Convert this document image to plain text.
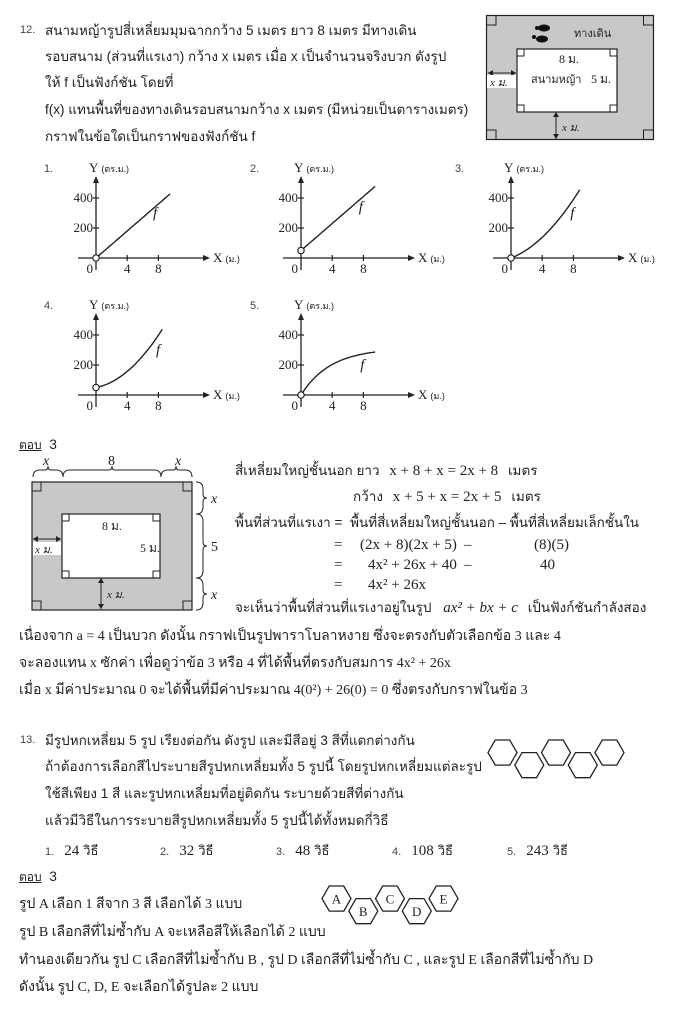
12. สนามหญ้ารูปสี่เหลี่ยมมุมฉากกว้าง 5 เมตร ยาว 8 เมตร มีทางเดิน
รอบสนาม (ส่วนที่แรเงา) กว้าง x เมตร เมื่อ x เป็นจำนวนจริงบวก ดังรูป
ให้ f เป็นฟังก์ชัน โดยที่
f(x) แทนพื้นที่ของทางเดินรอบสนามกว้าง x เมตร (มีหน่วยเป็นตารางเมตร)
กราฟในข้อใดเป็นกราฟของฟังก์ชัน f
ทางเดิน
8 ม.
สนามหญ้า 5 ม.
x ม.
x ม.
1.	2.	3.
4.	5.
Y (ตร.ม.)
X (ม.)
400
200
0 4 8
f
Y (ตร.ม.)
X (ม.)
400
200
0 4 8
f
Y (ตร.ม.)
X (ม.)
400
200
0 4 8
f
Y (ตร.ม.)
X (ม.)
400
200
0 4 8
f
Y (ตร.ม.)
X (ม.)
400
200
0 4 8
f
ตอบ 3
x	8	x
8 ม.
5 ม.
x ม.
x ม.
x
5
x
สี่เหลี่ยมใหญ่ชั้นนอก ยาว x + 8 + x = 2x + 8 เมตร
กว้าง x + 5 + x = 2x + 5 เมตร
พื้นที่ส่วนที่แรเงา = พื้นที่สี่เหลี่ยมใหญ่ชั้นนอก – พื้นที่สี่เหลี่ยมเล็กชั้นใน
= (2x + 8)(2x + 5) –	(8)(5)
= 4x² + 26x + 40 –	40
= 4x² + 26x
จะเห็นว่าพื้นที่ส่วนที่แรเงาอยู่ในรูป ax² + bx + c เป็นฟังก์ชันกำลังสอง
เนื่องจาก a = 4 เป็นบวก ดังนั้น กราฟเป็นรูปพาราโบลาหงาย ซึ่งจะตรงกับตัวเลือกข้อ 3 และ 4
จะลองแทน x ซักค่า เพื่อดูว่าข้อ 3 หรือ 4 ที่ได้พื้นที่ตรงกับสมการ 4x² + 26x
เมื่อ x มีค่าประมาณ 0 จะได้พื้นที่มีค่าประมาณ 4(0²) + 26(0) = 0 ซึ่งตรงกับกราฟในข้อ 3
13. มีรูปหกเหลี่ยม 5 รูป เรียงต่อกัน ดังรูป และมีสีอยู่ 3 สีที่แตกต่างกัน
ถ้าต้องการเลือกสีไประบายสีรูปหกเหลี่ยมทั้ง 5 รูปนี้ โดยรูปหกเหลี่ยมแต่ละรูป
ใช้สีเพียง 1 สี และรูปหกเหลี่ยมที่อยู่ติดกัน ระบายด้วยสีที่ต่างกัน
แล้วมีวิธีในการระบายสีรูปหกเหลี่ยมทั้ง 5 รูปนี้ได้ทั้งหมดกี่วิธี
1. 24 วิธี	2. 32 วิธี	3. 48 วิธี	4. 108 วิธี	5. 243 วิธี
ตอบ 3
รูป A เลือก 1 สีจาก 3 สี เลือกได้ 3 แบบ
รูป B เลือกสีที่ไม่ซ้ำกับ A จะเหลือสีให้เลือกได้ 2 แบบ
ทำนองเดียวกัน รูป C เลือกสีที่ไม่ซ้ำกับ B , รูป D เลือกสีที่ไม่ซ้ำกับ C , และรูป E เลือกสีที่ไม่ซ้ำกับ D
ดังนั้น รูป C, D, E จะเลือกได้รูปละ 2 แบบ
A
B
C
D
E
